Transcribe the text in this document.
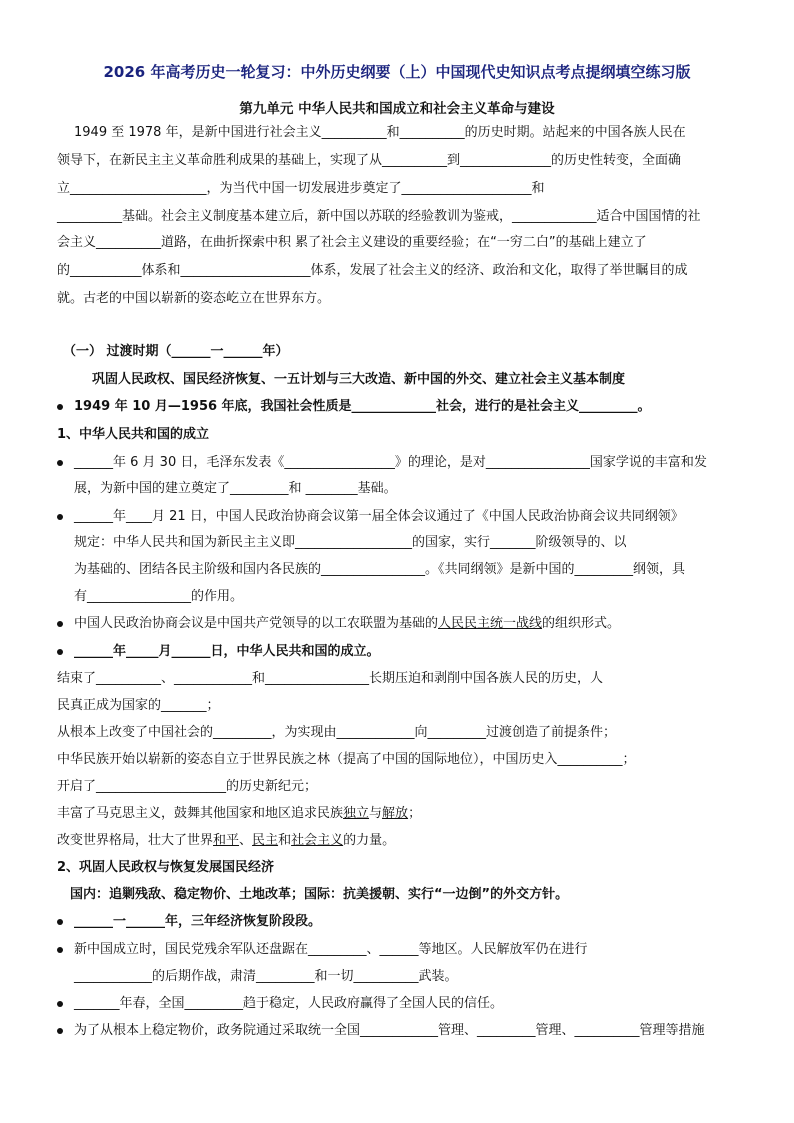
2026 年高考历史一轮复习：中外历史纲要（上）中国现代史知识点考点提纲填空练习版
第九单元 中华人民共和国成立和社会主义革命与建设
1949 至 1978 年，是新中国进行社会主义__________和__________的历史时期。站起来的中国各族人民在
领导下，在新民主主义革命胜利成果的基础上，实现了从__________到______________的历史性转变，全面确
立_____________________，为当代中国一切发展进步奠定了____________________和
__________基础。社会主义制度基本建立后，新中国以苏联的经验教训为鉴戒，_____________适合中国国情的社
会主义__________道路，在曲折探索中积 累了社会主义建设的重要经验；在“一穷二白”的基础上建立了
的___________体系和____________________体系，发展了社会主义的经济、政治和文化，取得了举世瞩目的成
就。古老的中国以崭新的姿态屹立在世界东方。
（一） 过渡时期（______一______年）
巩固人民政权、国民经济恢复、一五计划与三大改造、新中国的外交、建立社会主义基本制度
1949 年 10 月—1956 年底，我国社会性质是_____________社会，进行的是社会主义_________。
1、中华人民共和国的成立
______年 6 月 30 日，毛泽东发表《_________________》的理论，是对________________国家学说的丰富和发
展，为新中国的建立奠定了_________和 ________基础。
______年____月 21 日，中国人民政治协商会议第一届全体会议通过了《中国人民政治协商会议共同纲领》
规定：中华人民共和国为新民主主义即__________________的国家，实行_______阶级领导的、以
为基础的、团结各民主阶级和国内各民族的________________。《共同纲领》是新中国的_________纲领，具
有________________的作用。
中国人民政治协商会议是中国共产党领导的以工农联盟为基础的人民民主统一战线的组织形式。
______年_____月______日，中华人民共和国的成立。
结束了__________、____________和________________长期压迫和剥削中国各族人民的历史，人
民真正成为国家的_______；
从根本上改变了中国社会的_________，为实现由____________向_________过渡创造了前提条件；
中华民族开始以崭新的姿态自立于世界民族之林（提高了中国的国际地位），中国历史入__________；
开启了____________________的历史新纪元；
丰富了马克思主义，鼓舞其他国家和地区追求民族独立与解放；
改变世界格局，壮大了世界和平、民主和社会主义的力量。
2、巩固人民政权与恢复发展国民经济
国内：追剿残敌、稳定物价、土地改革；国际：抗美援朝、实行“一边倒”的外交方针。
______一______年，三年经济恢复阶段段。
新中国成立时，国民党残余军队还盘踞在_________、______等地区。人民解放军仍在进行
____________的后期作战，肃清_________和一切__________武装。
_______年春，全国_________趋于稳定，人民政府赢得了全国人民的信任。
为了从根本上稳定物价，政务院通过采取统一全国____________管理、_________管理、__________管理等措施
